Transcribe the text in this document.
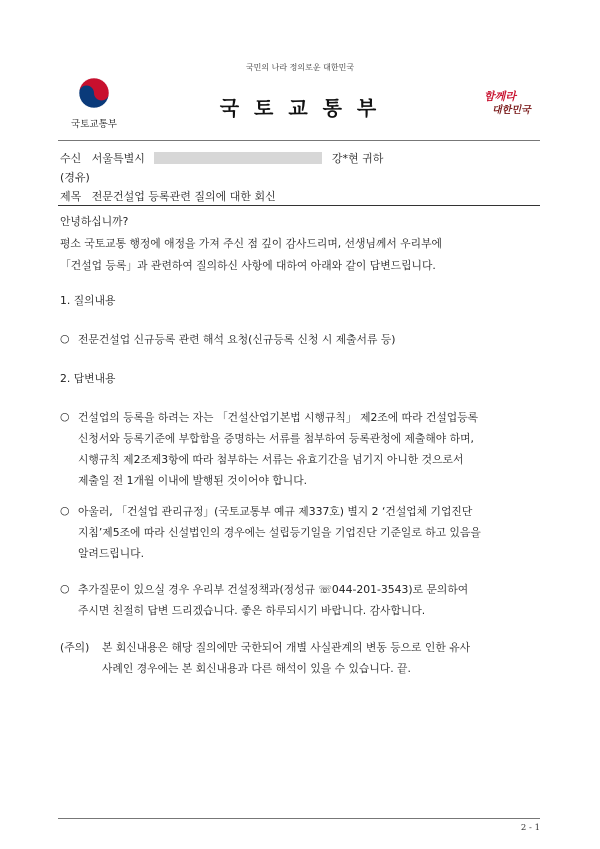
국민의 나라 정의로운 대한민국
국토교통부
국 토 교 통 부	함께라
대한민국
수신 서울특별시	강*현 귀하
(경유)
제목 전문건설업 등록관련 질의에 대한 회신
안녕하십니까?
평소 국토교통 행정에 애정을 가져 주신 점 깊이 감사드리며, 선생님께서 우리부에
「건설업 등록」과 관련하여 질의하신 사항에 대하여 아래와 같이 답변드립니다.
1. 질의내용
○ 전문건설업 신규등록 관련 해석 요청(신규등록 신청 시 제출서류 등)
2. 답변내용
○ 건설업의 등록을 하려는 자는 「건설산업기본법 시행규칙」 제2조에 따라 건설업등록
신청서와 등록기준에 부합함을 증명하는 서류를 첨부하여 등록관청에 제출해야 하며,
시행규칙 제2조제3항에 따라 첨부하는 서류는 유효기간을 넘기지 아니한 것으로서
제출일 전 1개월 이내에 발행된 것이어야 합니다.
○ 아울러, 「건설업 관리규정」(국토교통부 예규 제337호) 별지 2 ‘건설업체 기업진단
지침’제5조에 따라 신설법인의 경우에는 설립등기일을 기업진단 기준일로 하고 있음을
알려드립니다.
○ 추가질문이 있으실 경우 우리부 건설정책과(정성규 ☏044-201-3543)로 문의하여
주시면 친절히 답변 드리겠습니다. 좋은 하루되시기 바랍니다. 감사합니다.
(주의) 본 회신내용은 해당 질의에만 국한되어 개별 사실관계의 변동 등으로 인한 유사
사례인 경우에는 본 회신내용과 다른 해석이 있을 수 있습니다. 끝.
2 - 1
